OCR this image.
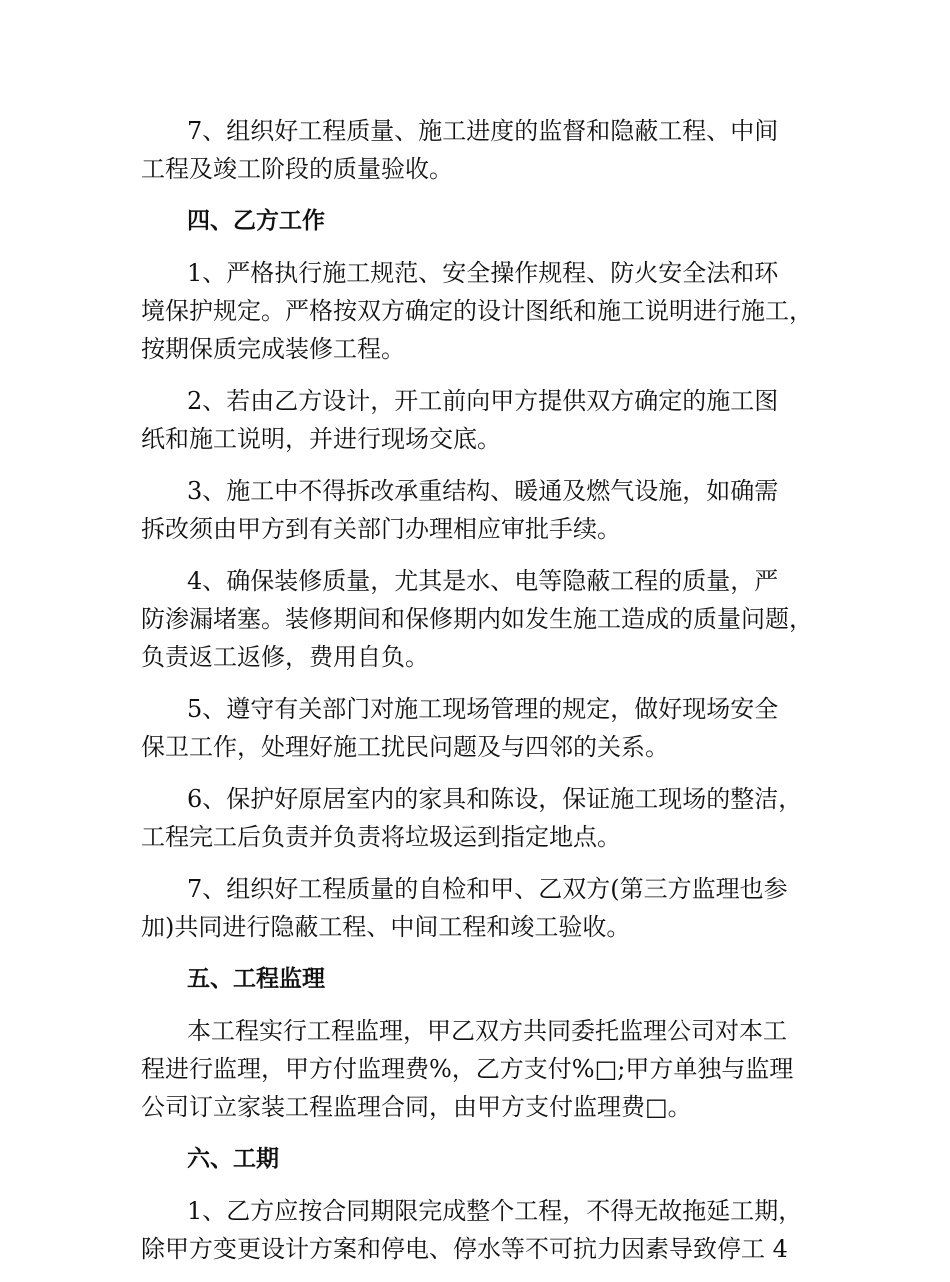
7、组织好工程质量、施工进度的监督和隐蔽工程、中间
工程及竣工阶段的质量验收。

四、乙方工作

1、严格执行施工规范、安全操作规程、防火安全法和环
境保护规定。严格按双方确定的设计图纸和施工说明进行施工，
按期保质完成装修工程。

2、若由乙方设计，开工前向甲方提供双方确定的施工图
纸和施工说明，并进行现场交底。

3、施工中不得拆改承重结构、暖通及燃气设施，如确需
拆改须由甲方到有关部门办理相应审批手续。

4、确保装修质量，尤其是水、电等隐蔽工程的质量，严
防渗漏堵塞。装修期间和保修期内如发生施工造成的质量问题，
负责返工返修，费用自负。

5、遵守有关部门对施工现场管理的规定，做好现场安全
保卫工作，处理好施工扰民问题及与四邻的关系。

6、保护好原居室内的家具和陈设，保证施工现场的整洁，
工程完工后负责并负责将垃圾运到指定地点。

7、组织好工程质量的自检和甲、乙双方(第三方监理也参
加)共同进行隐蔽工程、中间工程和竣工验收。

五、工程监理

本工程实行工程监理，甲乙双方共同委托监理公司对本工
程进行监理，甲方付监理费%，乙方支付%□;甲方单独与监理
公司订立家装工程监理合同，由甲方支付监理费□。

六、工期

1、乙方应按合同期限完成整个工程，不得无故拖延工期，
除甲方变更设计方案和停电、停水等不可抗力因素导致停工 4
